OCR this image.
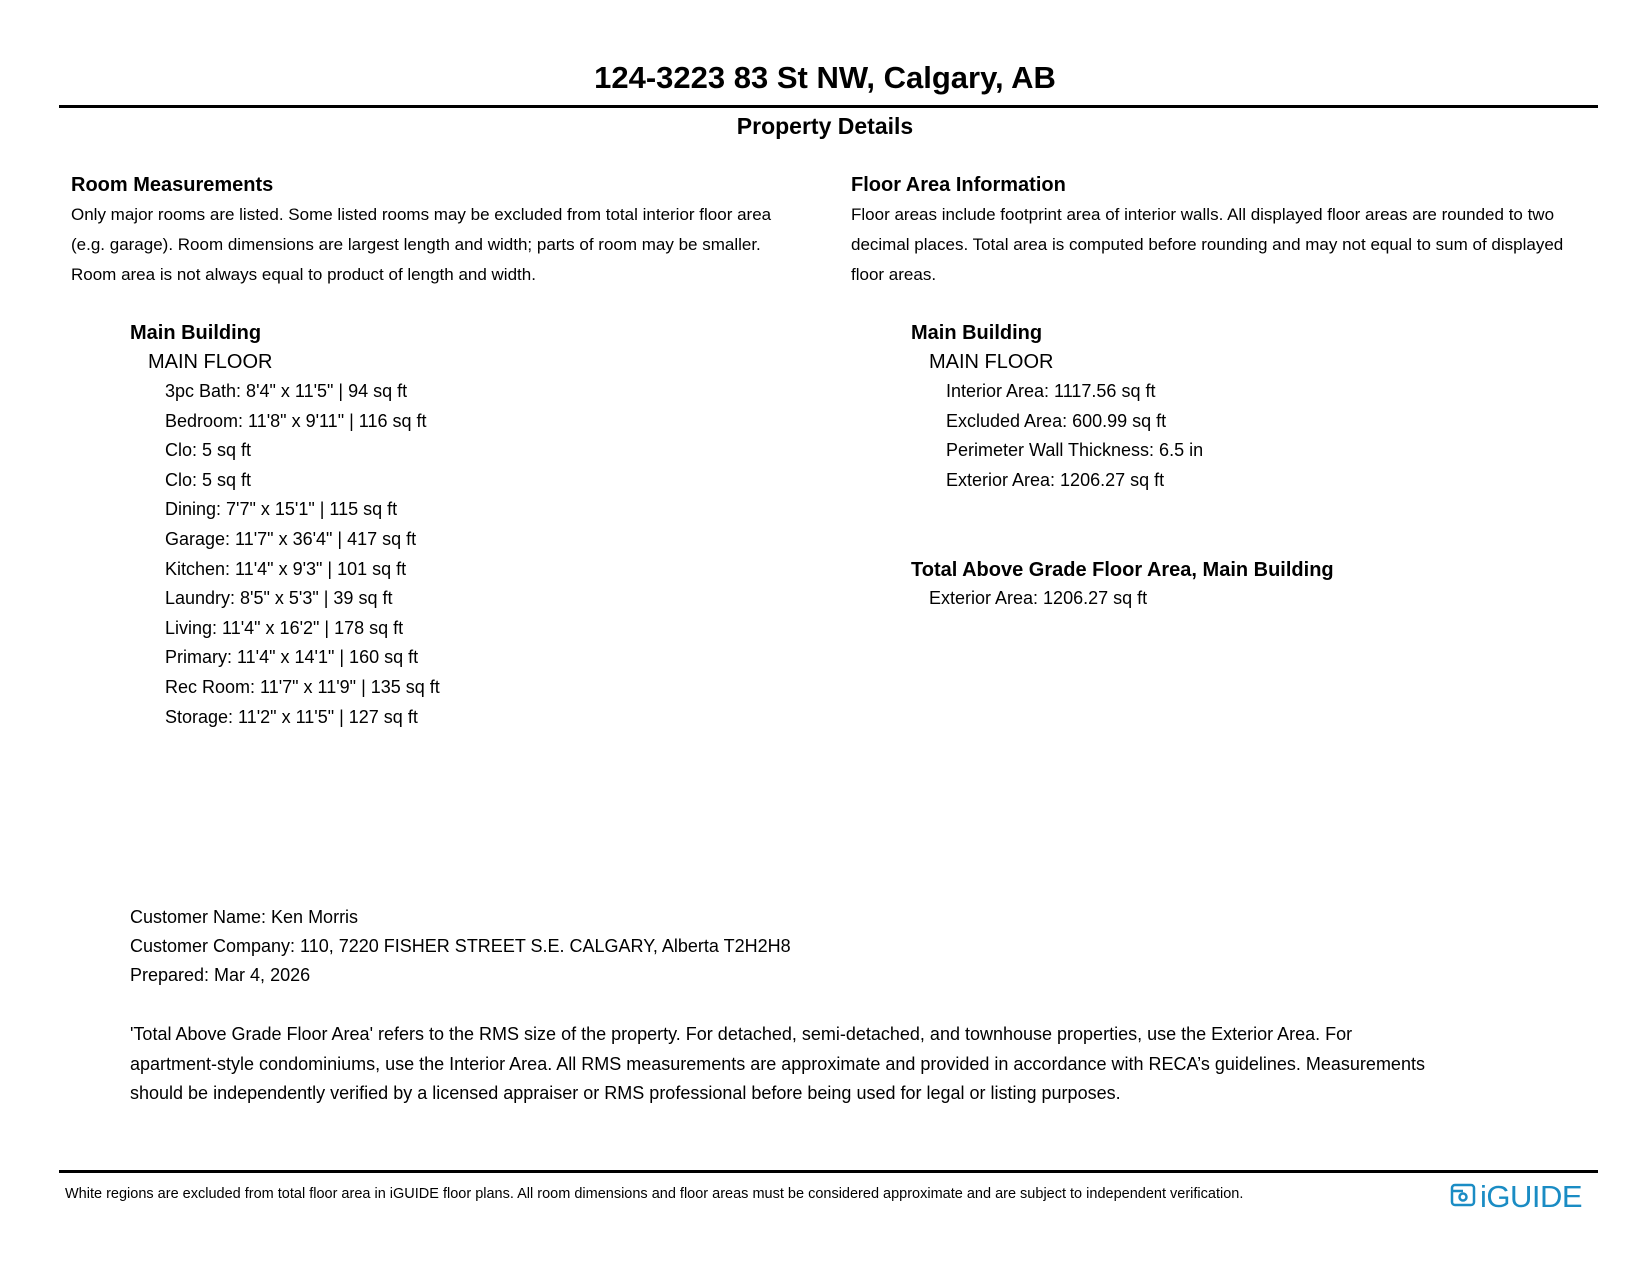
124-3223 83 St NW, Calgary, AB
Property Details
Room Measurements
Only major rooms are listed. Some listed rooms may be excluded from total interior floor area
(e.g. garage). Room dimensions are largest length and width; parts of room may be smaller.
Room area is not always equal to product of length and width.
Main Building
MAIN FLOOR
3pc Bath: 8'4" x 11'5" | 94 sq ft
Bedroom: 11'8" x 9'11" | 116 sq ft
Clo: 5 sq ft
Clo: 5 sq ft
Dining: 7'7" x 15'1" | 115 sq ft
Garage: 11'7" x 36'4" | 417 sq ft
Kitchen: 11'4" x 9'3" | 101 sq ft
Laundry: 8'5" x 5'3" | 39 sq ft
Living: 11'4" x 16'2" | 178 sq ft
Primary: 11'4" x 14'1" | 160 sq ft
Rec Room: 11'7" x 11'9" | 135 sq ft
Storage: 11'2" x 11'5" | 127 sq ft
Floor Area Information
Floor areas include footprint area of interior walls. All displayed floor areas are rounded to two
decimal places. Total area is computed before rounding and may not equal to sum of displayed
floor areas.
Main Building
MAIN FLOOR
Interior Area: 1117.56 sq ft
Excluded Area: 600.99 sq ft
Perimeter Wall Thickness: 6.5 in
Exterior Area: 1206.27 sq ft
Total Above Grade Floor Area, Main Building
Exterior Area: 1206.27 sq ft
Customer Name: Ken Morris
Customer Company: 110, 7220 FISHER STREET S.E. CALGARY, Alberta T2H2H8
Prepared: Mar 4, 2026
'Total Above Grade Floor Area' refers to the RMS size of the property. For detached, semi-detached, and townhouse properties, use the Exterior Area. For
apartment-style condominiums, use the Interior Area. All RMS measurements are approximate and provided in accordance with RECA’s guidelines. Measurements
should be independently verified by a licensed appraiser or RMS professional before being used for legal or listing purposes.
White regions are excluded from total floor area in iGUIDE floor plans. All room dimensions and floor areas must be considered approximate and are subject to independent verification.	iGUIDE
